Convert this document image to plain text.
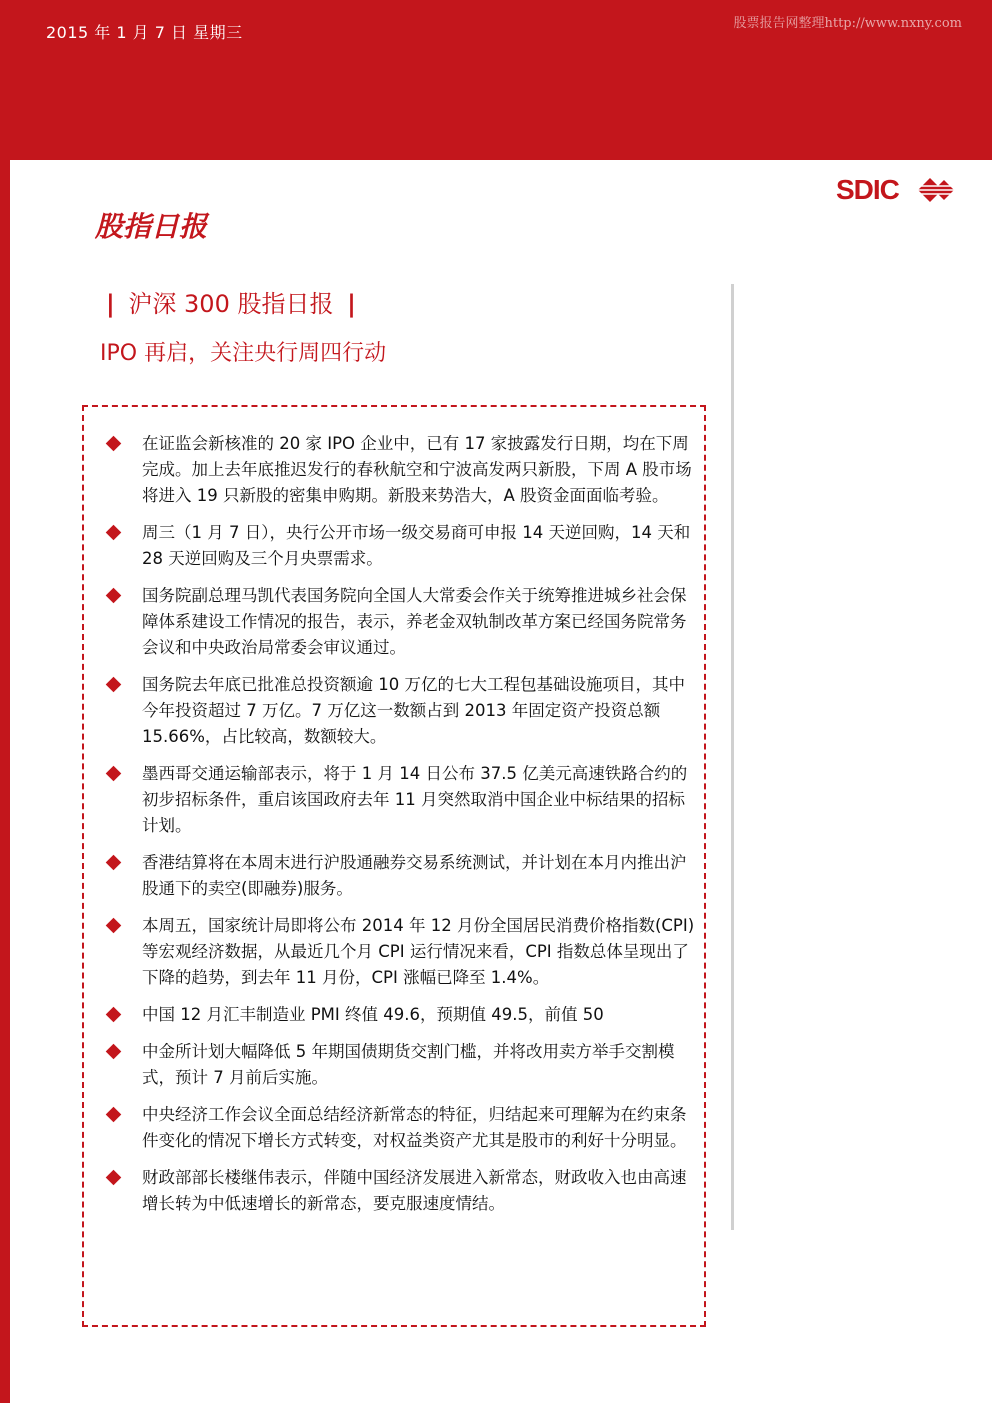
2015 年 1 月 7 日 星期三	股票报告网整理http://www.nxny.com
SDIC
股指日报
| 沪深 300 股指日报 |
IPO 再启，关注央行周四行动
在证监会新核准的 20 家 IPO 企业中，已有 17 家披露发行日期，均在下周完成。加上去年底推迟发行的春秋航空和宁波高发两只新股，下周 A 股市场将进入 19 只新股的密集申购期。新股来势浩大，A 股资金面面临考验。
周三（1 月 7 日），央行公开市场一级交易商可申报 14 天逆回购，14 天和 28 天逆回购及三个月央票需求。
国务院副总理马凯代表国务院向全国人大常委会作关于统筹推进城乡社会保障体系建设工作情况的报告，表示，养老金双轨制改革方案已经国务院常务会议和中央政治局常委会审议通过。
国务院去年底已批准总投资额逾 10 万亿的七大工程包基础设施项目，其中今年投资超过 7 万亿。7 万亿这一数额占到 2013 年固定资产投资总额 15.66%，占比较高，数额较大。
墨西哥交通运输部表示，将于 1 月 14 日公布 37.5 亿美元高速铁路合约的初步招标条件，重启该国政府去年 11 月突然取消中国企业中标结果的招标计划。
香港结算将在本周末进行沪股通融券交易系统测试，并计划在本月内推出沪股通下的卖空(即融券)服务。
本周五，国家统计局即将公布 2014 年 12 月份全国居民消费价格指数(CPI)等宏观经济数据，从最近几个月 CPI 运行情况来看，CPI 指数总体呈现出了下降的趋势，到去年 11 月份，CPI 涨幅已降至 1.4%。
中国 12 月汇丰制造业 PMI 终值 49.6，预期值 49.5，前值 50
中金所计划大幅降低 5 年期国债期货交割门槛，并将改用卖方举手交割模式，预计 7 月前后实施。
中央经济工作会议全面总结经济新常态的特征，归结起来可理解为在约束条件变化的情况下增长方式转变，对权益类资产尤其是股市的利好十分明显。
财政部部长楼继伟表示，伴随中国经济发展进入新常态，财政收入也由高速增长转为中低速增长的新常态，要克服速度情结。
